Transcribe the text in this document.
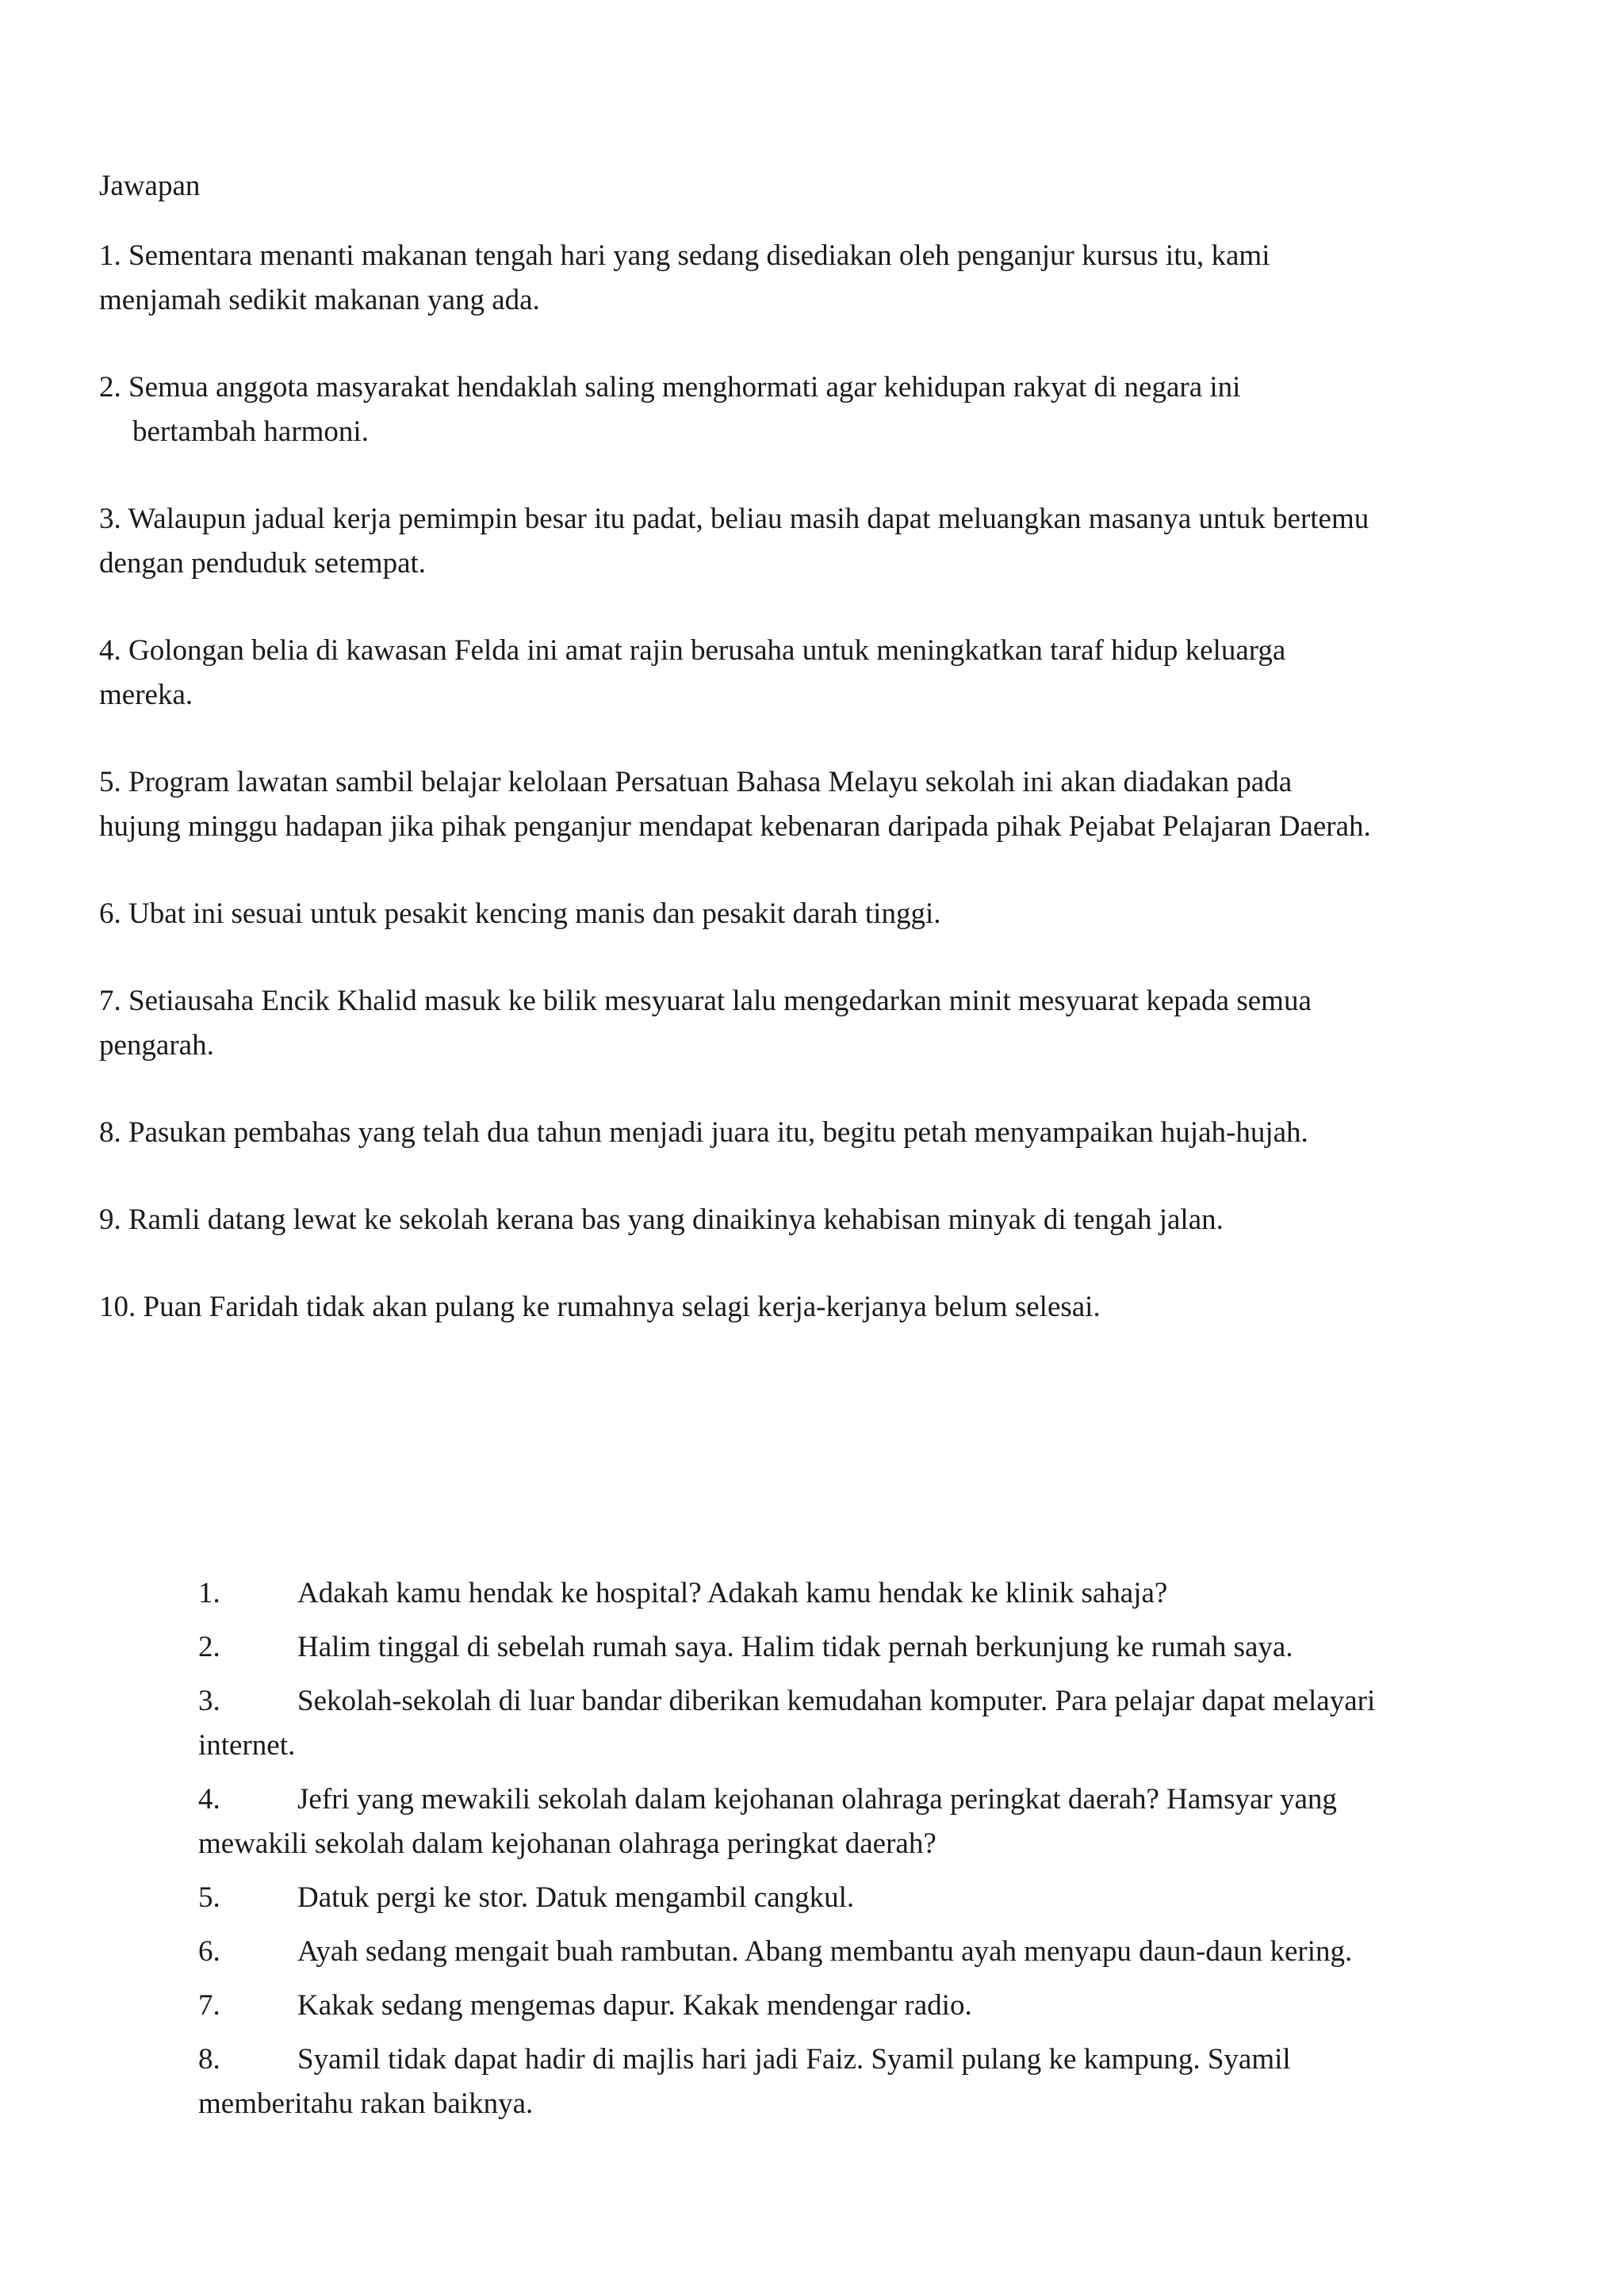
Jawapan
1. Sementara menanti makanan tengah hari yang sedang disediakan oleh penganjur kursus itu, kami
menjamah sedikit makanan yang ada.
2. Semua anggota masyarakat hendaklah saling menghormati agar kehidupan rakyat di negara ini
bertambah harmoni.
3. Walaupun jadual kerja pemimpin besar itu padat, beliau masih dapat meluangkan masanya untuk bertemu
dengan penduduk setempat.
4. Golongan belia di kawasan Felda ini amat rajin berusaha untuk meningkatkan taraf hidup keluarga
mereka.
5. Program lawatan sambil belajar kelolaan Persatuan Bahasa Melayu sekolah ini akan diadakan pada
hujung minggu hadapan jika pihak penganjur mendapat kebenaran daripada pihak Pejabat Pelajaran Daerah.
6. Ubat ini sesuai untuk pesakit kencing manis dan pesakit darah tinggi.
7. Setiausaha Encik Khalid masuk ke bilik mesyuarat lalu mengedarkan minit mesyuarat kepada semua
pengarah.
8. Pasukan pembahas yang telah dua tahun menjadi juara itu, begitu petah menyampaikan hujah-hujah.
9. Ramli datang lewat ke sekolah kerana bas yang dinaikinya kehabisan minyak di tengah jalan.
10. Puan Faridah tidak akan pulang ke rumahnya selagi kerja-kerjanya belum selesai.
1.	Adakah kamu hendak ke hospital? Adakah kamu hendak ke klinik sahaja?
2.	Halim tinggal di sebelah rumah saya. Halim tidak pernah berkunjung ke rumah saya.
3.	Sekolah-sekolah di luar bandar diberikan kemudahan komputer. Para pelajar dapat melayari
internet.
4.	Jefri yang mewakili sekolah dalam kejohanan olahraga peringkat daerah? Hamsyar yang
mewakili sekolah dalam kejohanan olahraga peringkat daerah?
5.	Datuk pergi ke stor. Datuk mengambil cangkul.
6.	Ayah sedang mengait buah rambutan. Abang membantu ayah menyapu daun-daun kering.
7.	Kakak sedang mengemas dapur. Kakak mendengar radio.
8.	Syamil tidak dapat hadir di majlis hari jadi Faiz. Syamil pulang ke kampung. Syamil
memberitahu rakan baiknya.
